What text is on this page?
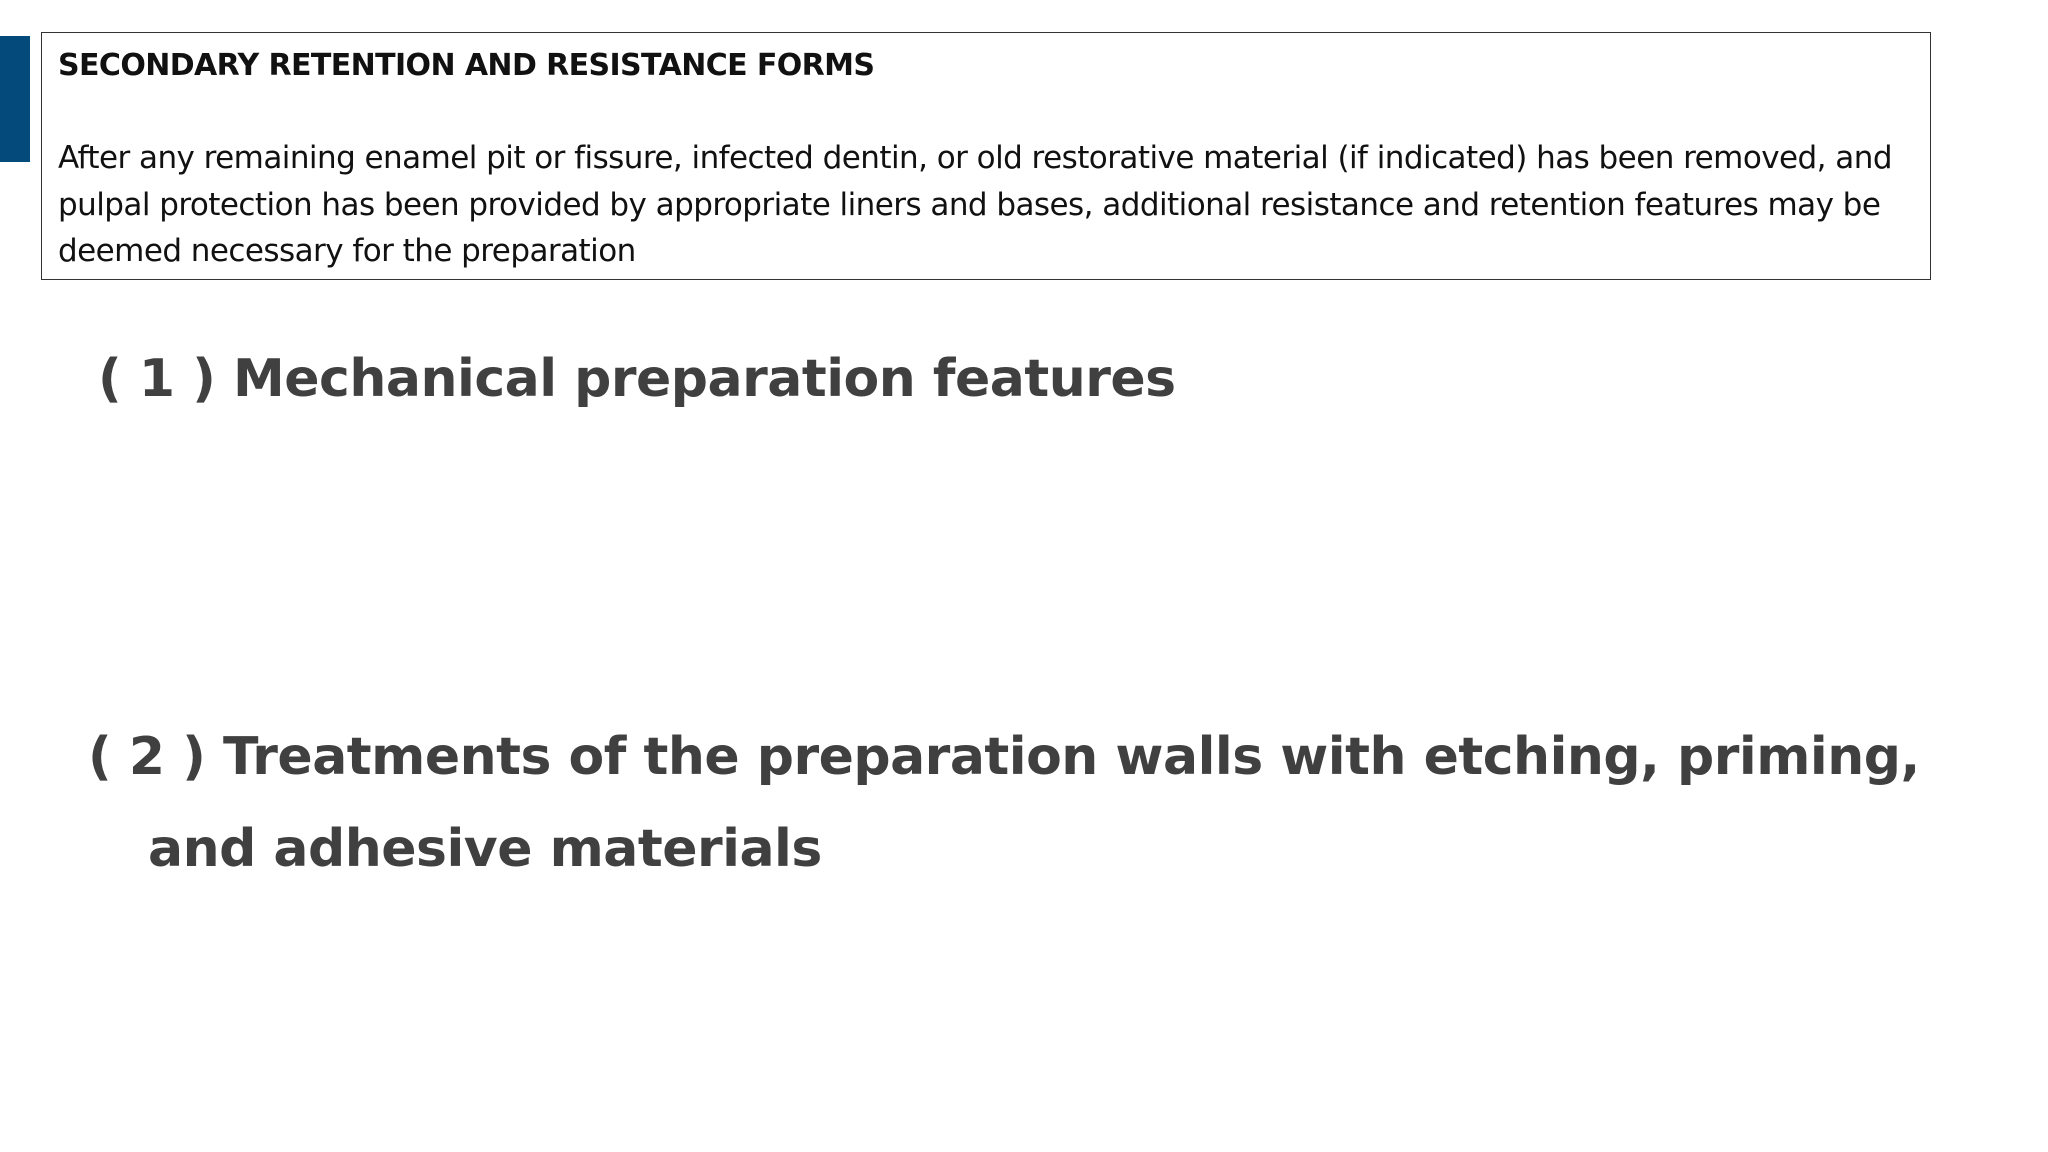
SECONDARY RETENTION AND RESISTANCE FORMS

After any remaining enamel pit or fissure, infected dentin, or old restorative material (if indicated) has been removed, and pulpal protection has been provided by appropriate liners and bases, additional resistance and retention features may be deemed necessary for the preparation

( 1 ) Mechanical preparation features

( 2 ) Treatments of the preparation walls with etching, priming, and adhesive materials
